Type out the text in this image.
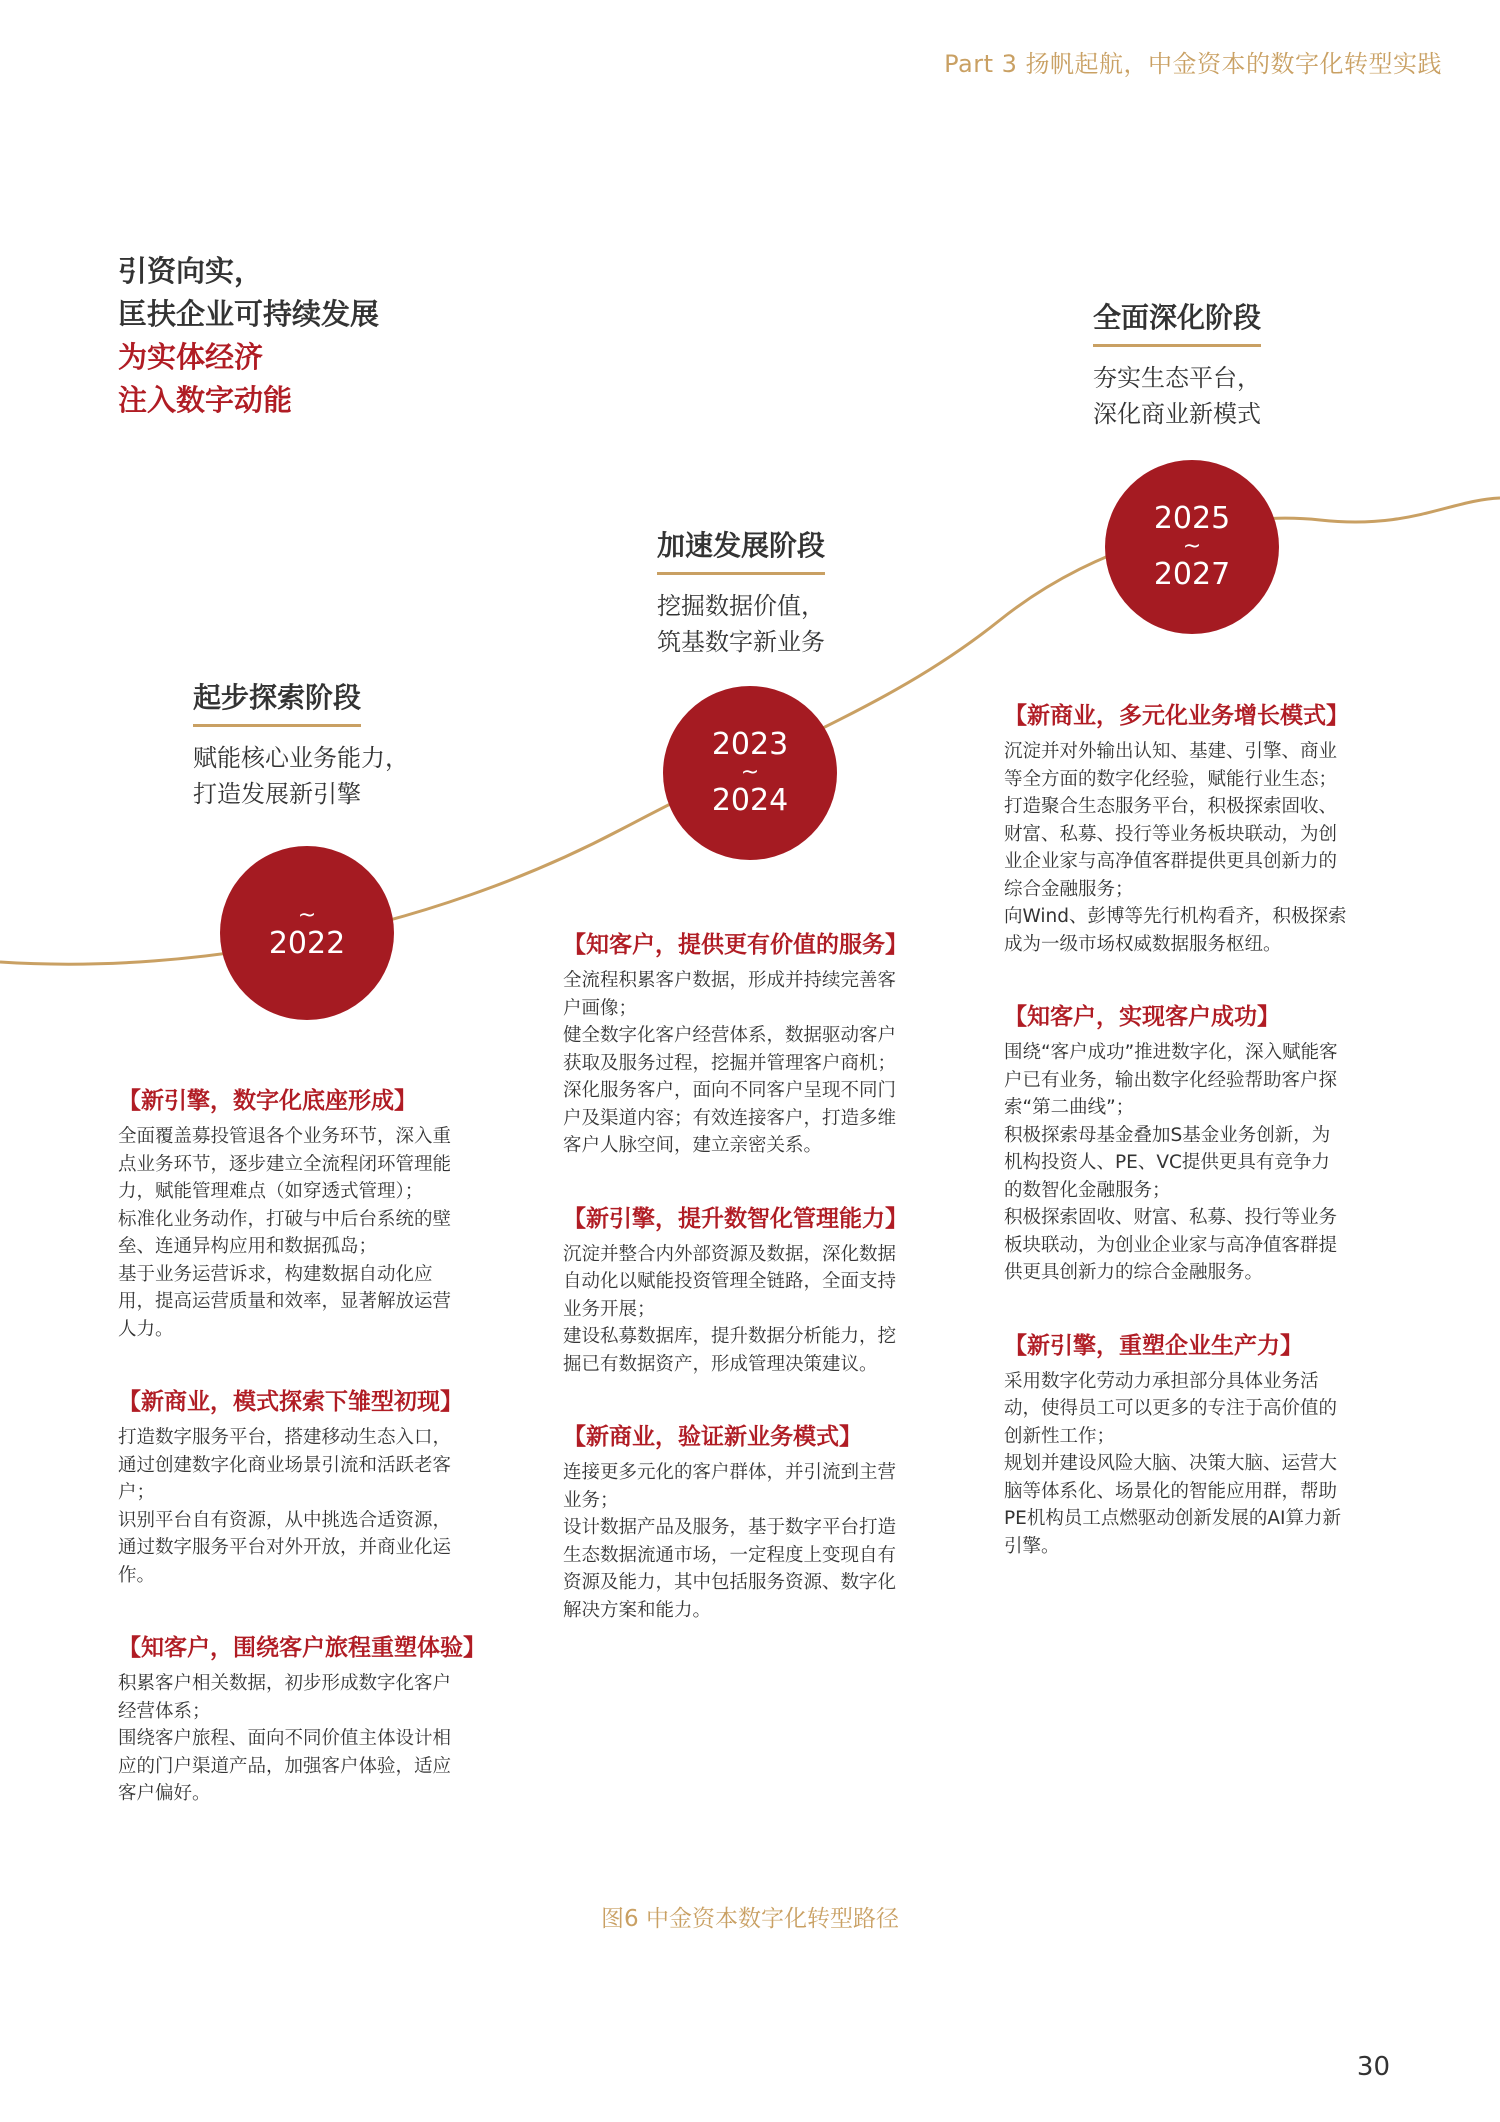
Part 3 扬帆起航，中金资本的数字化转型实践
引资向实，
匡扶企业可持续发展
为实体经济
注入数字动能
起步探索阶段
赋能核心业务能力，
打造发展新引擎
~
2022
【新引擎，数字化底座形成】
全面覆盖募投管退各个业务环节，深入重
点业务环节，逐步建立全流程闭环管理能
力，赋能管理难点（如穿透式管理）；
标准化业务动作，打破与中后台系统的壁
垒、连通异构应用和数据孤岛；
基于业务运营诉求，构建数据自动化应
用，提高运营质量和效率，显著解放运营
人力。
【新商业，模式探索下雏型初现】
打造数字服务平台，搭建移动生态入口，
通过创建数字化商业场景引流和活跃老客
户；
识别平台自有资源，从中挑选合适资源，
通过数字服务平台对外开放，并商业化运
作。
【知客户，围绕客户旅程重塑体验】
积累客户相关数据，初步形成数字化客户
经营体系；
围绕客户旅程、面向不同价值主体设计相
应的门户渠道产品，加强客户体验，适应
客户偏好。
加速发展阶段
挖掘数据价值，
筑基数字新业务
2023
~
2024
【知客户，提供更有价值的服务】
全流程积累客户数据，形成并持续完善客
户画像；
健全数字化客户经营体系，数据驱动客户
获取及服务过程，挖掘并管理客户商机；
深化服务客户，面向不同客户呈现不同门
户及渠道内容；有效连接客户，打造多维
客户人脉空间，建立亲密关系。
【新引擎，提升数智化管理能力】
沉淀并整合内外部资源及数据，深化数据
自动化以赋能投资管理全链路，全面支持
业务开展；
建设私募数据库，提升数据分析能力，挖
掘已有数据资产，形成管理决策建议。
【新商业，验证新业务模式】
连接更多元化的客户群体，并引流到主营
业务；
设计数据产品及服务，基于数字平台打造
生态数据流通市场，一定程度上变现自有
资源及能力，其中包括服务资源、数字化
解决方案和能力。
全面深化阶段
夯实生态平台，
深化商业新模式
2025
~
2027
【新商业，多元化业务增长模式】
沉淀并对外输出认知、基建、引擎、商业
等全方面的数字化经验，赋能行业生态；
打造聚合生态服务平台，积极探索固收、
财富、私募、投行等业务板块联动，为创
业企业家与高净值客群提供更具创新力的
综合金融服务；
向Wind、彭博等先行机构看齐，积极探索
成为一级市场权威数据服务枢纽。
【知客户，实现客户成功】
围绕“客户成功”推进数字化，深入赋能客
户已有业务，输出数字化经验帮助客户探
索“第二曲线”；
积极探索母基金叠加S基金业务创新，为
机构投资人、PE、VC提供更具有竞争力
的数智化金融服务；
积极探索固收、财富、私募、投行等业务
板块联动，为创业企业家与高净值客群提
供更具创新力的综合金融服务。
【新引擎，重塑企业生产力】
采用数字化劳动力承担部分具体业务活
动，使得员工可以更多的专注于高价值的
创新性工作；
规划并建设风险大脑、决策大脑、运营大
脑等体系化、场景化的智能应用群，帮助
PE机构员工点燃驱动创新发展的AI算力新
引擎。
图6 中金资本数字化转型路径
30
